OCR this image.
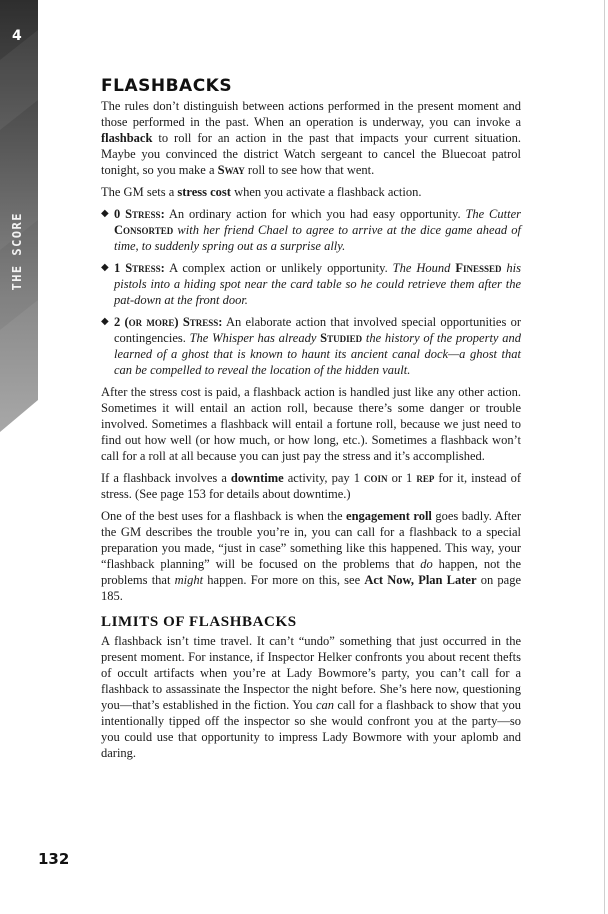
4
THE SCORE
FLASHBACKS

The rules don’t distinguish between actions performed in the present moment and those performed in the past. When an operation is underway, you can invoke a flashback to roll for an action in the past that impacts your current situation. Maybe you convinced the district Watch sergeant to cancel the Bluecoat patrol tonight, so you make a Sway roll to see how that went.

The GM sets a stress cost when you activate a flashback action.

◆ 0 Stress: An ordinary action for which you had easy opportunity. The Cutter Consorted with her friend Chael to agree to arrive at the dice game ahead of time, to suddenly spring out as a surprise ally.
◆ 1 Stress: A complex action or unlikely opportunity. The Hound Finessed his pistols into a hiding spot near the card table so he could retrieve them after the pat-down at the front door.
◆ 2 (or more) Stress: An elaborate action that involved special opportunities or contingencies. The Whisper has already Studied the history of the property and learned of a ghost that is known to haunt its ancient canal dock—a ghost that can be compelled to reveal the location of the hidden vault.

After the stress cost is paid, a flashback action is handled just like any other action. Sometimes it will entail an action roll, because there’s some danger or trouble involved. Sometimes a flashback will entail a fortune roll, because we just need to find out how well (or how much, or how long, etc.). Sometimes a flashback won’t call for a roll at all because you can just pay the stress and it’s accomplished.

If a flashback involves a downtime activity, pay 1 coin or 1 rep for it, instead of stress. (See page 153 for details about downtime.)

One of the best uses for a flashback is when the engagement roll goes badly. After the GM describes the trouble you’re in, you can call for a flashback to a special preparation you made, “just in case” something like this happened. This way, your “flashback planning” will be focused on the problems that do happen, not the problems that might happen. For more on this, see Act Now, Plan Later on page 185.

LIMITS OF FLASHBACKS

A flashback isn’t time travel. It can’t “undo” something that just occurred in the present moment. For instance, if Inspector Helker confronts you about recent thefts of occult artifacts when you’re at Lady Bowmore’s party, you can’t call for a flashback to assassinate the Inspector the night before. She’s here now, questioning you—that’s established in the fiction. You can call for a flashback to show that you intentionally tipped off the inspector so she would confront you at the party—so you could use that opportunity to impress Lady Bowmore with your aplomb and daring.

132
